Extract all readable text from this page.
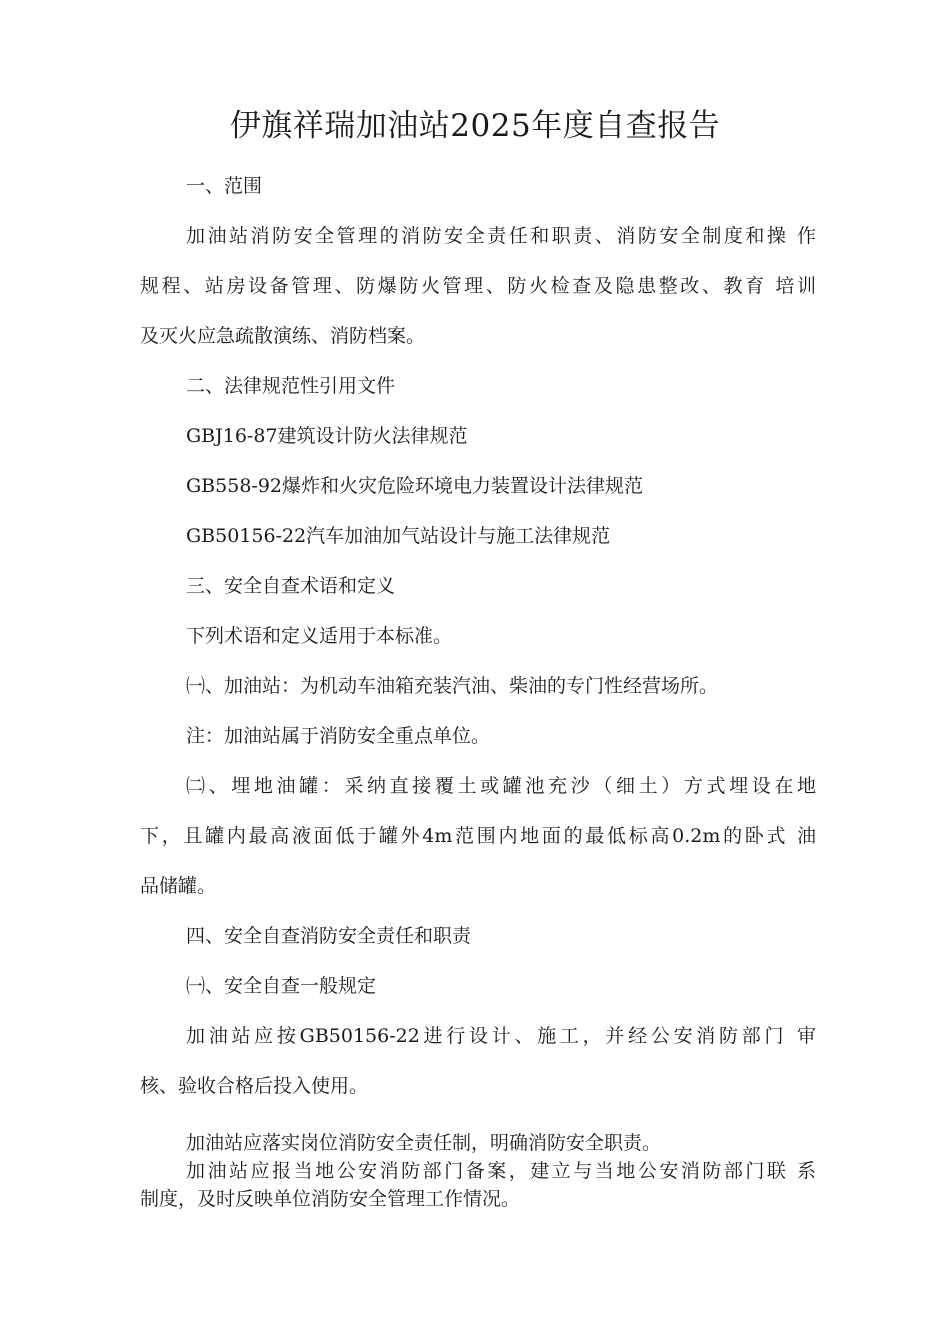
伊旗祥瑞加油站2025年度自查报告
一、范围
加油站消防安全管理的消防安全责任和职责、消防安全制度和操 作
规程、站房设备管理、防爆防火管理、防火检查及隐患整改、教育 培训
及灭火应急疏散演练、消防档案。
二、法律规范性引用文件
GBJ16-87建筑设计防火法律规范
GB558-92爆炸和火灾危险环境电力装置设计法律规范
GB50156-22汽车加油加气站设计与施工法律规范
三、安全自查术语和定义
下列术语和定义适用于本标准。
㈠、加油站：为机动车油箱充装汽油、柴油的专门性经营场所。
注：加油站属于消防安全重点单位。
㈡、埋地油罐：采纳直接覆土或罐池充沙（细土）方式埋设在地
下，且罐内最高液面低于罐外4m范围内地面的最低标高0.2m的卧式 油
品储罐。
四、安全自查消防安全责任和职责
㈠、安全自查一般规定
加油站应按GB50156-22进行设计、施工，并经公安消防部门 审
核、验收合格后投入使用。
加油站应落实岗位消防安全责任制，明确消防安全职责。
加油站应报当地公安消防部门备案，建立与当地公安消防部门联 系
制度，及时反映单位消防安全管理工作情况。
